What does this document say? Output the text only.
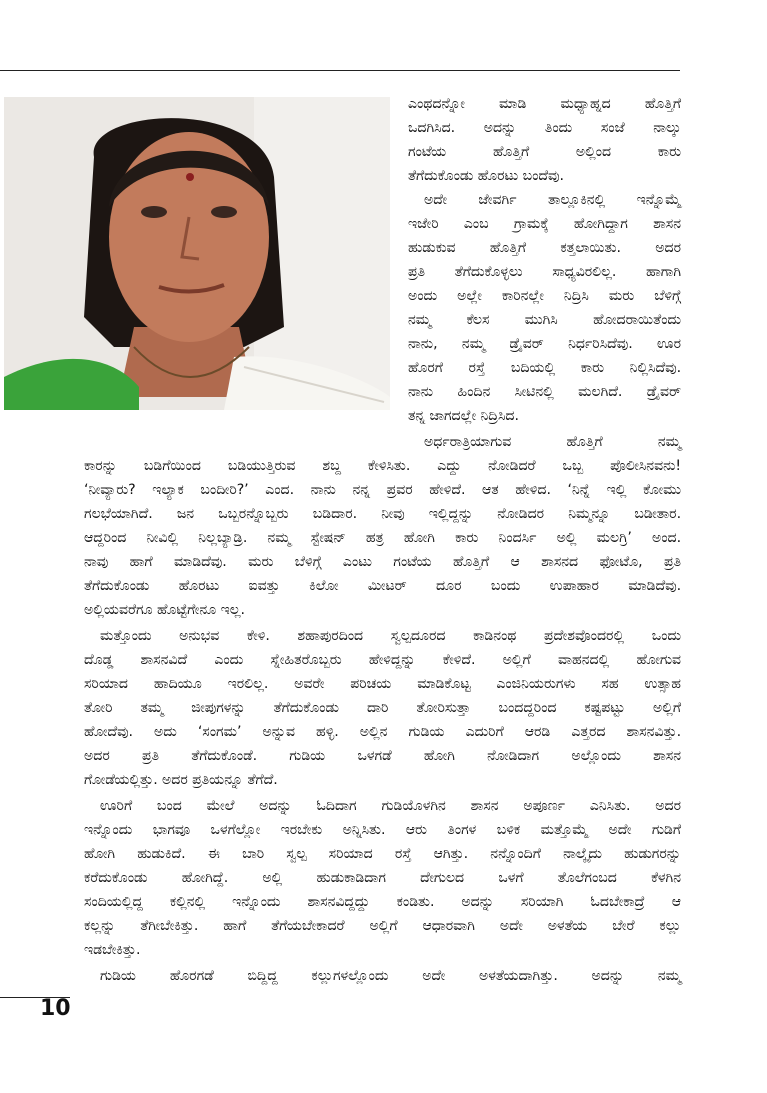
ಎಂಥದನ್ನೋ ಮಾಡಿ ಮಧ್ಯಾಹ್ನದ ಹೊತ್ತಿಗೆ
ಒದಗಿಸಿದ. ಅದನ್ನು ತಿಂದು ಸಂಜೆ ನಾಲ್ಕು
ಗಂಟೆಯ ಹೊತ್ತಿಗೆ ಅಲ್ಲಿಂದ ಕಾರು
ತೆಗೆದುಕೊಂಡು ಹೊರಟು ಬಂದೆವು.
ಅದೇ ಜೇವರ್ಗಿ ತಾಲ್ಲೂಕಿನಲ್ಲಿ ಇನ್ನೊಮ್ಮೆ
ಇಜೇರಿ ಎಂಬ ಗ್ರಾಮಕ್ಕೆ ಹೋಗಿದ್ದಾಗ ಶಾಸನ
ಹುಡುಕುವ ಹೊತ್ತಿಗೆ ಕತ್ತಲಾಯಿತು. ಅದರ
ಪ್ರತಿ ತೆಗೆದುಕೊಳ್ಳಲು ಸಾಧ್ಯವಿರಲಿಲ್ಲ. ಹಾಗಾಗಿ
ಅಂದು ಅಲ್ಲೇ ಕಾರಿನಲ್ಲೇ ನಿದ್ರಿಸಿ ಮರು ಬೆಳಿಗ್ಗೆ
ನಮ್ಮ ಕೆಲಸ ಮುಗಿಸಿ ಹೋದರಾಯಿತೆಂದು
ನಾನು, ನಮ್ಮ ಡ್ರೈವರ್ ನಿರ್ಧರಿಸಿದೆವು. ಊರ
ಹೊರಗೆ ರಸ್ತೆ ಬದಿಯಲ್ಲಿ ಕಾರು ನಿಲ್ಲಿಸಿದೆವು.
ನಾನು ಹಿಂದಿನ ಸೀಟಿನಲ್ಲಿ ಮಲಗಿದೆ. ಡ್ರೈವರ್
ತನ್ನ ಜಾಗದಲ್ಲೇ ನಿದ್ರಿಸಿದ.
ಅರ್ಧರಾತ್ರಿಯಾಗುವ ಹೊತ್ತಿಗೆ ನಮ್ಮ
ಕಾರನ್ನು ಬಡಿಗೆಯಿಂದ ಬಡಿಯುತ್ತಿರುವ ಶಬ್ದ ಕೇಳಿಸಿತು. ಎದ್ದು ನೋಡಿದರೆ ಒಬ್ಬ ಪೊಲೀಸಿನವನು!
‘ನೀವ್ಯಾರು? ಇಲ್ಯಾಕ ಬಂದೀರಿ?’ ಎಂದ. ನಾನು ನನ್ನ ಪ್ರವರ ಹೇಳಿದೆ. ಆತ ಹೇಳಿದ. ‘ನಿನ್ನೆ ಇಲ್ಲಿ ಕೋಮು
ಗಲಭೆಯಾಗಿದೆ. ಜನ ಒಬ್ಬರನ್ನೊಬ್ಬರು ಬಡಿದಾರ. ನೀವು ಇಲ್ಲಿದ್ದನ್ನು ನೋಡಿದರ ನಿಮ್ಮನ್ನೂ ಬಡೀತಾರ.
ಆದ್ದರಿಂದ ನೀವಿಲ್ಲಿ ನಿಲ್ಲಬ್ಯಾಡ್ರಿ. ನಮ್ಮ ಸ್ಟೇಷನ್ ಹತ್ರ ಹೋಗಿ ಕಾರು ನಿಂದರ್ಸಿ ಅಲ್ಲಿ ಮಲಗ್ರಿ’ ಅಂದ.
ನಾವು ಹಾಗೆ ಮಾಡಿದೆವು. ಮರು ಬೆಳಿಗ್ಗೆ ಎಂಟು ಗಂಟೆಯ ಹೊತ್ತಿಗೆ ಆ ಶಾಸನದ ಫೋಟೊ, ಪ್ರತಿ
ತೆಗೆದುಕೊಂಡು ಹೊರಟು ಐವತ್ತು ಕಿಲೋ ಮೀಟರ್ ದೂರ ಬಂದು ಉಪಾಹಾರ ಮಾಡಿದೆವು.
ಅಲ್ಲಿಯವರೆಗೂ ಹೊಟ್ಟೆಗೇನೂ ಇಲ್ಲ.
ಮತ್ತೊಂದು ಅನುಭವ ಕೇಳಿ. ಶಹಾಪುರದಿಂದ ಸ್ವಲ್ಪದೂರದ ಕಾಡಿನಂಥ ಪ್ರದೇಶವೊಂದರಲ್ಲಿ ಒಂದು
ದೊಡ್ಡ ಶಾಸನವಿದೆ ಎಂದು ಸ್ನೇಹಿತರೊಬ್ಬರು ಹೇಳಿದ್ದನ್ನು ಕೇಳಿದೆ. ಅಲ್ಲಿಗೆ ವಾಹನದಲ್ಲಿ ಹೋಗುವ
ಸರಿಯಾದ ಹಾದಿಯೂ ಇರಲಿಲ್ಲ. ಅವರೇ ಪರಿಚಯ ಮಾಡಿಕೊಟ್ಟ ಎಂಜಿನಿಯರುಗಳು ಸಹ ಉತ್ಸಾಹ
ತೋರಿ ತಮ್ಮ ಜೀಪುಗಳನ್ನು ತೆಗೆದುಕೊಂಡು ದಾರಿ ತೋರಿಸುತ್ತಾ ಬಂದದ್ದರಿಂದ ಕಷ್ಟಪಟ್ಟು ಅಲ್ಲಿಗೆ
ಹೋದೆವು. ಅದು ‘ಸಂಗಮ’ ಅನ್ನುವ ಹಳ್ಳಿ. ಅಲ್ಲಿನ ಗುಡಿಯ ಎದುರಿಗೆ ಆರಡಿ ಎತ್ತರದ ಶಾಸನವಿತ್ತು.
ಅದರ ಪ್ರತಿ ತೆಗೆದುಕೊಂಡೆ. ಗುಡಿಯ ಒಳಗಡೆ ಹೋಗಿ ನೋಡಿದಾಗ ಅಲ್ಲೊಂದು ಶಾಸನ
ಗೋಡೆಯಲ್ಲಿತ್ತು. ಅದರ ಪ್ರತಿಯನ್ನೂ ತೆಗೆದೆ.
ಊರಿಗೆ ಬಂದ ಮೇಲೆ ಅದನ್ನು ಓದಿದಾಗ ಗುಡಿಯೊಳಗಿನ ಶಾಸನ ಅಪೂರ್ಣ ಎನಿಸಿತು. ಅದರ
ಇನ್ನೊಂದು ಭಾಗವೂ ಒಳಗೆಲ್ಲೋ ಇರಬೇಕು ಅನ್ನಿಸಿತು. ಆರು ತಿಂಗಳ ಬಳಿಕ ಮತ್ತೊಮ್ಮೆ ಅದೇ ಗುಡಿಗೆ
ಹೋಗಿ ಹುಡುಕಿದೆ. ಈ ಬಾರಿ ಸ್ವಲ್ಪ ಸರಿಯಾದ ರಸ್ತೆ ಆಗಿತ್ತು. ನನ್ನೊಂದಿಗೆ ನಾಲ್ಕೈದು ಹುಡುಗರನ್ನು
ಕರೆದುಕೊಂಡು ಹೋಗಿದ್ದೆ. ಅಲ್ಲಿ ಹುಡುಕಾಡಿದಾಗ ದೇಗುಲದ ಒಳಗೆ ತೊಲೆಗಂಬದ ಕೆಳಗಿನ
ಸಂದಿಯಲ್ಲಿದ್ದ ಕಲ್ಲಿನಲ್ಲಿ ಇನ್ನೊಂದು ಶಾಸನವಿದ್ದದ್ದು ಕಂಡಿತು. ಅದನ್ನು ಸರಿಯಾಗಿ ಓದಬೇಕಾದ್ರೆ ಆ
ಕಲ್ಲನ್ನು ತೆಗೀಬೇಕಿತ್ತು. ಹಾಗೆ ತೆಗೆಯಬೇಕಾದರೆ ಅಲ್ಲಿಗೆ ಆಧಾರವಾಗಿ ಅದೇ ಅಳತೆಯ ಬೇರೆ ಕಲ್ಲು
ಇಡಬೇಕಿತ್ತು.
ಗುಡಿಯ ಹೊರಗಡೆ ಬಿದ್ದಿದ್ದ ಕಲ್ಲುಗಳಲ್ಲೊಂದು ಅದೇ ಅಳತೆಯದಾಗಿತ್ತು. ಅದನ್ನು ನಮ್ಮ
10
